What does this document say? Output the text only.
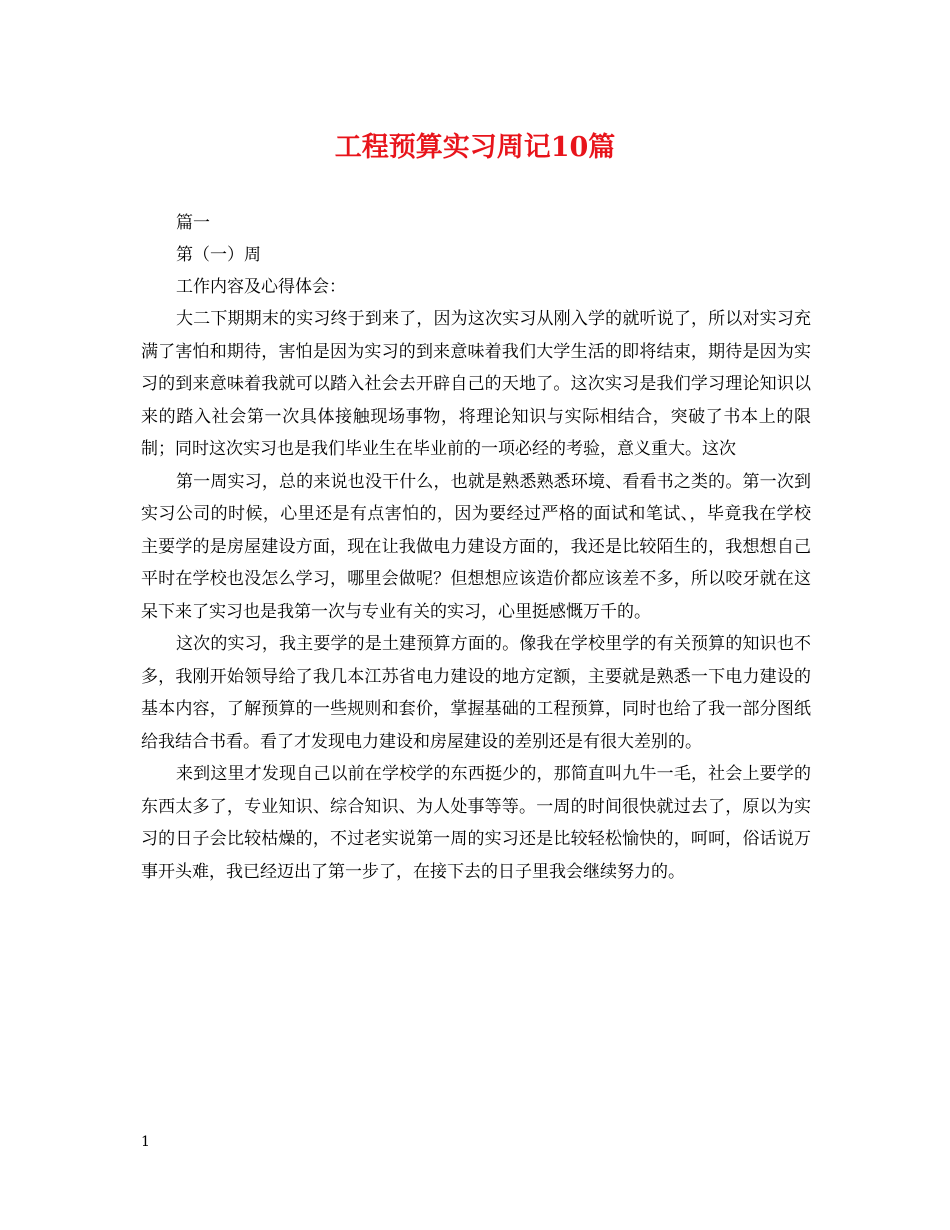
工程预算实习周记10篇

篇一

第（一）周

工作内容及心得体会：

大二下期期末的实习终于到来了，因为这次实习从刚入学的就听说了，所以对实习充满了害怕和期待，害怕是因为实习的到来意味着我们大学生活的即将结束，期待是因为实习的到来意味着我就可以踏入社会去开辟自己的天地了。这次实习是我们学习理论知识以来的踏入社会第一次具体接触现场事物，将理论知识与实际相结合，突破了书本上的限制；同时这次实习也是我们毕业生在毕业前的一项必经的考验，意义重大。这次

第一周实习，总的来说也没干什么，也就是熟悉熟悉环境、看看书之类的。第一次到实习公司的时候，心里还是有点害怕的，因为要经过严格的面试和笔试、，毕竟我在学校主要学的是房屋建设方面，现在让我做电力建设方面的，我还是比较陌生的，我想想自己平时在学校也没怎么学习，哪里会做呢？但想想应该造价都应该差不多，所以咬牙就在这呆下来了实习也是我第一次与专业有关的实习，心里挺感慨万千的。

这次的实习，我主要学的是土建预算方面的。像我在学校里学的有关预算的知识也不多，我刚开始领导给了我几本江苏省电力建设的地方定额，主要就是熟悉一下电力建设的基本内容，了解预算的一些规则和套价，掌握基础的工程预算，同时也给了我一部分图纸给我结合书看。看了才发现电力建设和房屋建设的差别还是有很大差别的。

来到这里才发现自己以前在学校学的东西挺少的，那简直叫九牛一毛，社会上要学的东西太多了，专业知识、综合知识、为人处事等等。一周的时间很快就过去了，原以为实习的日子会比较枯燥的，不过老实说第一周的实习还是比较轻松愉快的，呵呵，俗话说万事开头难，我已经迈出了第一步了，在接下去的日子里我会继续努力的。

1
